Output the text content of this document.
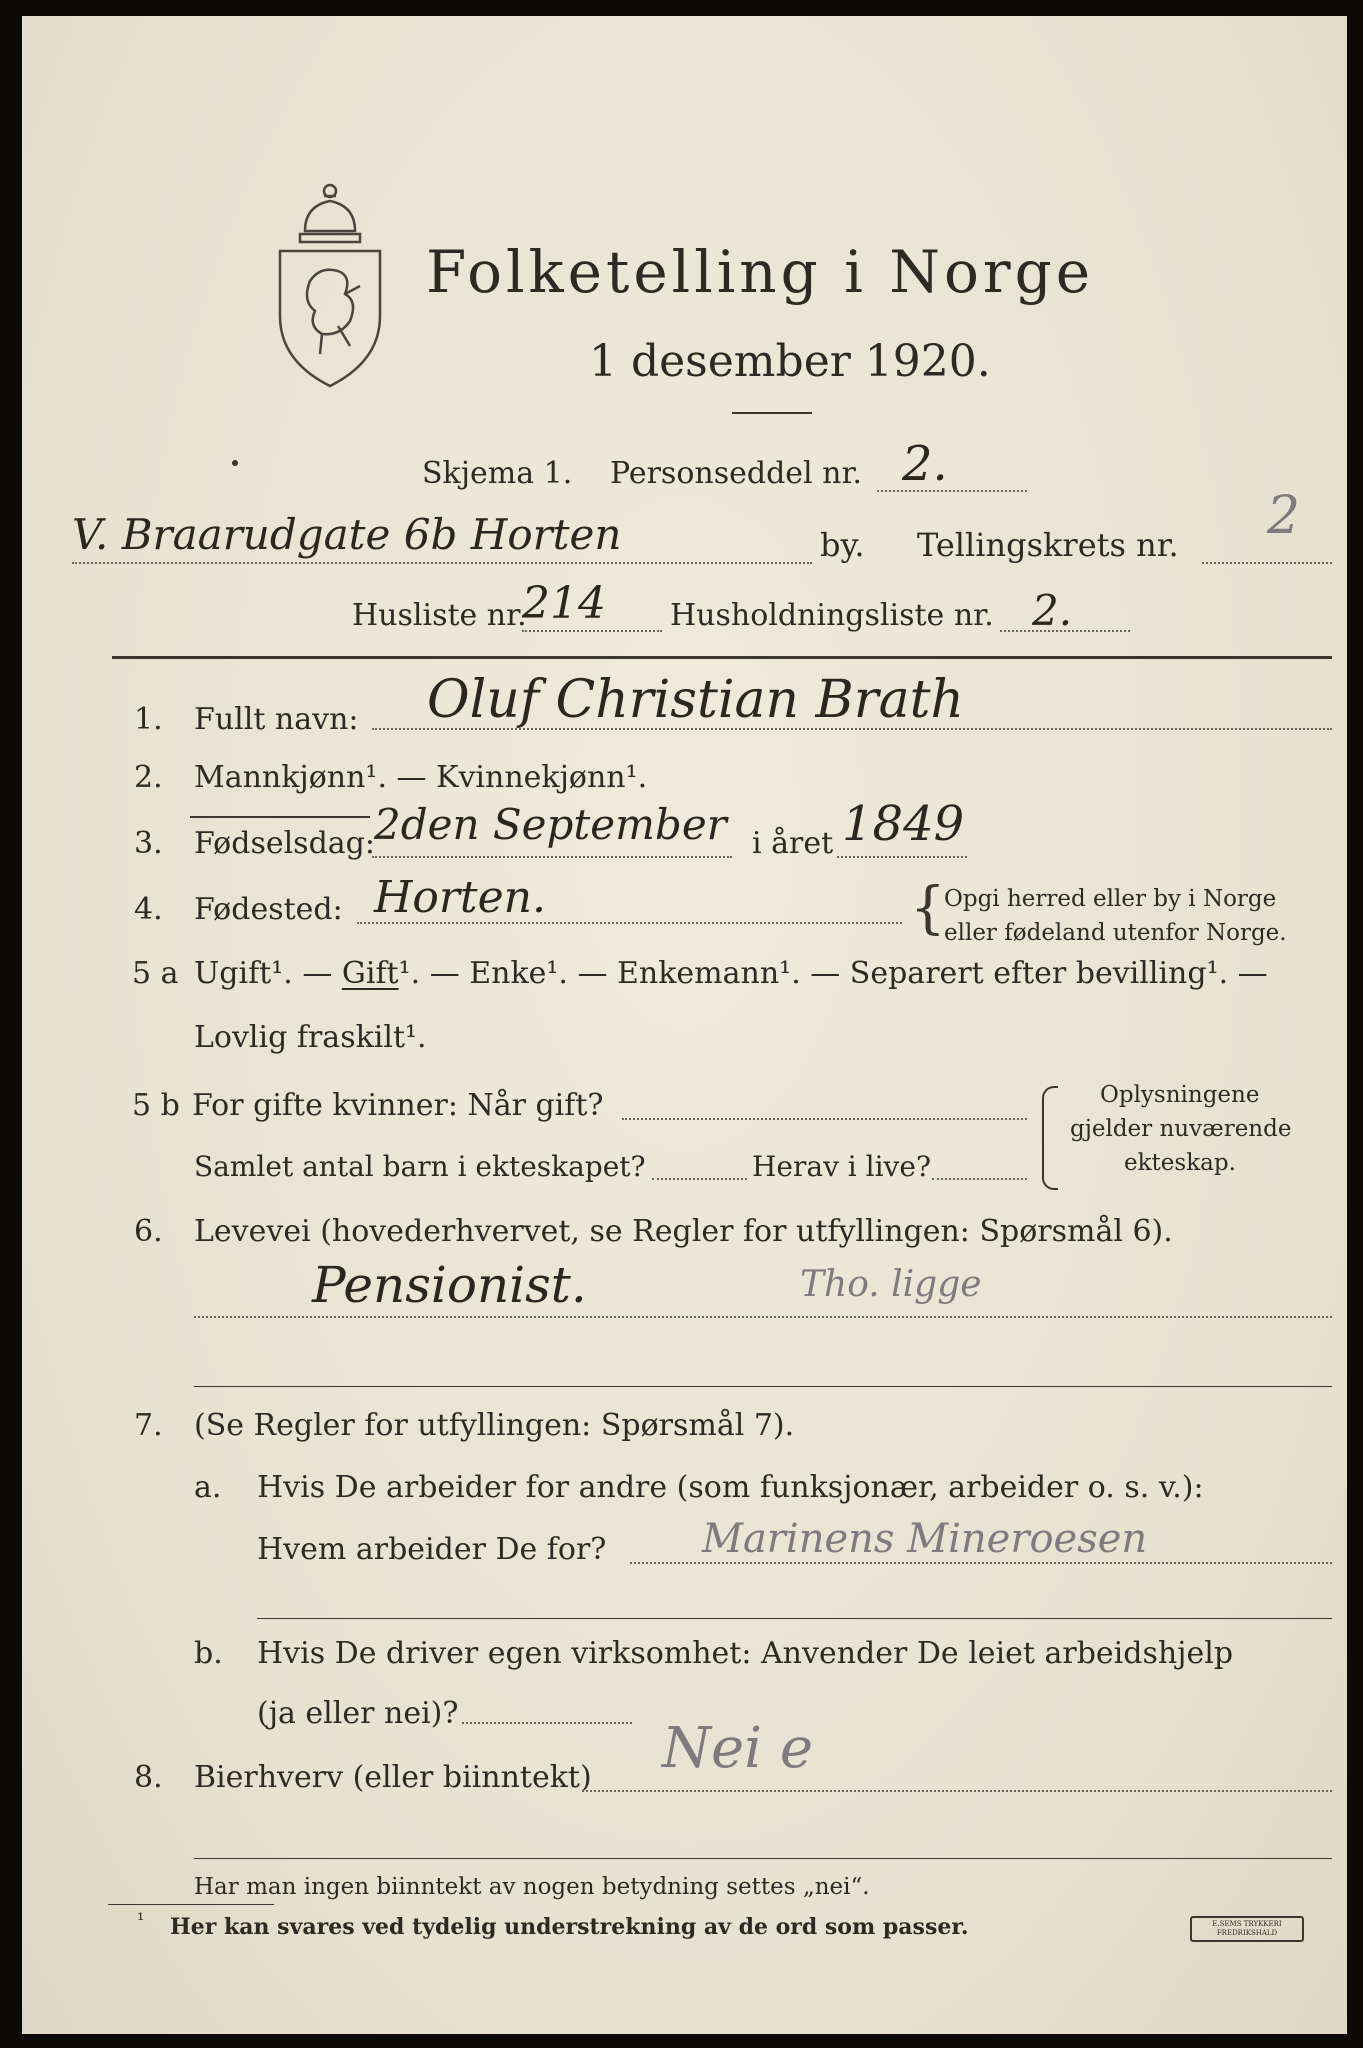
Folketelling i Norge
1 desember 1920.
Skjema 1. Personseddel nr. 2.
V. Braarudgate 6b Horten	by. Tellingskrets nr. 2
Husliste nr.
214 Husholdningsliste nr. 2.
1. Fullt navn: Oluf Christian Brath
2. Mannkjønn¹. — Kvinnekjønn¹.
3. Fødselsdag: 2den September i året 1849
4. Fødested: Horten.	{
Opgi herred eller by i Norge
eller fødeland utenfor Norge.
5 a Ugift¹. — Gift¹. — Enke¹. — Enkemann¹. — Separert efter bevilling¹. —
Lovlig fraskilt¹.
5 b For gifte kvinner: Når gift?
Samlet antal barn i ekteskapet?	Herav i live?
Oplysningene
gjelder nuværende
ekteskap.
6. Levevei (hovederhvervet, se Regler for utfyllingen: Spørsmål 6).
Pensionist.	Tho. ligge
7. (Se Regler for utfyllingen: Spørsmål 7).
a. Hvis De arbeider for andre (som funksjonær, arbeider o. s. v.):
Hvem arbeider De for? Marinens Mineroesen
b. Hvis De driver egen virksomhet: Anvender De leiet arbeidshjelp
(ja eller nei)?
8. Bierhverv (eller biinntekt) Nei e
Har man ingen biinntekt av nogen betydning settes „nei“.
¹ Her kan svares ved tydelig understrekning av de ord som passer.	E.SEMS TRYKKERI FREDRIKSHALD
